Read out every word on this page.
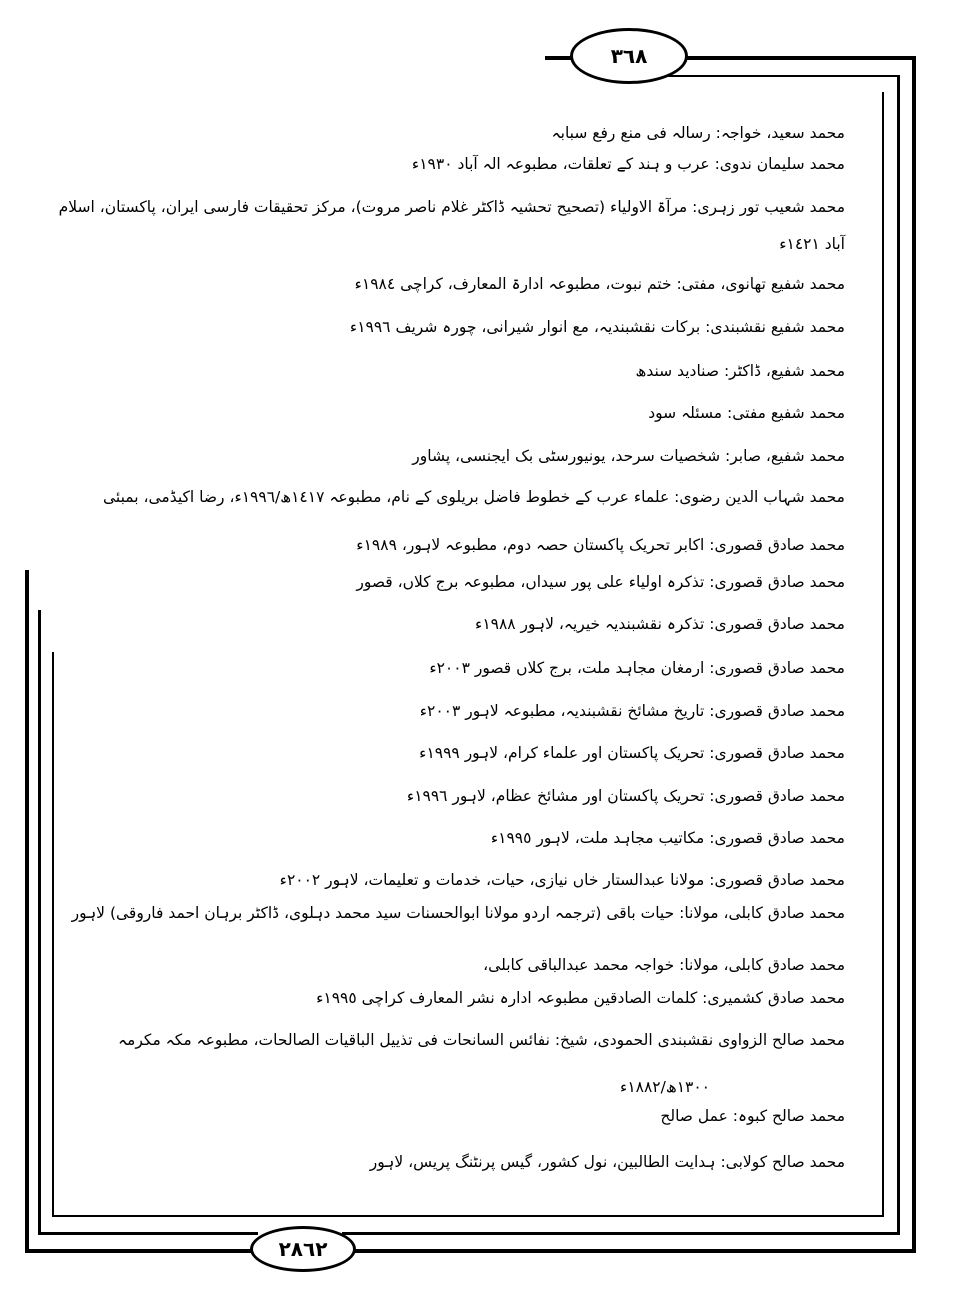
٣٦٨
٢٨٦٢
محمد سعید، خواجہ: رسالہ فی منع رفع سبابہ
محمد سلیمان ندوی: عرب و ہند کے تعلقات، مطبوعہ الہ آباد ١٩٣٠ء
محمد شعیب تور زہری: مرآۃ الاولیاء (تصحیح تحشیہ ڈاکٹر غلام ناصر مروت)، مرکز تحقیقات فارسی ایران، پاکستان، اسلام
آباد ١٤٢١ء
محمد شفیع تھانوی، مفتی: ختم نبوت، مطبوعہ ادارۃ المعارف، کراچی ١٩٨٤ء
محمد شفیع نقشبندی: برکات نقشبندیہ، مع انوار شیرانی، چورہ شریف ١٩٩٦ء
محمد شفیع، ڈاکٹر: صنادید سندھ
محمد شفیع مفتی: مسئلہ سود
محمد شفیع، صابر: شخصیات سرحد، یونیورسٹی بک ایجنسی، پشاور
محمد شہاب الدین رضوی: علماء عرب کے خطوط فاضل بریلوی کے نام، مطبوعہ ١٤١٧ھ/١٩٩٦ء، رضا اکیڈمی، بمبئی
محمد صادق قصوری: اکابر تحریک پاکستان حصہ دوم، مطبوعہ لاہور، ١٩٨٩ء
محمد صادق قصوری: تذکرہ اولیاء علی پور سیداں، مطبوعہ برج کلاں، قصور
محمد صادق قصوری: تذکرہ نقشبندیہ خیریہ، لاہور ١٩٨٨ء
محمد صادق قصوری: ارمغان مجاہد ملت، برج کلاں قصور ٢٠٠٣ء
محمد صادق قصوری: تاریخ مشائخ نقشبندیہ، مطبوعہ لاہور ٢٠٠٣ء
محمد صادق قصوری: تحریک پاکستان اور علماء کرام، لاہور ١٩٩٩ء
محمد صادق قصوری: تحریک پاکستان اور مشائخ عظام، لاہور ١٩٩٦ء
محمد صادق قصوری: مکاتیب مجاہد ملت، لاہور ١٩٩٥ء
محمد صادق قصوری: مولانا عبدالستار خاں نیازی، حیات، خدمات و تعلیمات، لاہور ٢٠٠٢ء
محمد صادق کابلی، مولانا: حیات باقی (ترجمہ اردو مولانا ابوالحسنات سید محمد دہلوی، ڈاکٹر برہان احمد فاروقی) لاہور
محمد صادق کابلی، مولانا: خواجہ محمد عبدالباقی کابلی،
محمد صادق کشمیری: کلمات الصادقین مطبوعہ ادارہ نشر المعارف کراچی ١٩٩٥ء
محمد صالح الزواوی نقشبندی الحمودی، شیخ: نفائس السانحات فی تذییل الباقیات الصالحات، مطبوعہ مکہ مکرمہ
١٣٠٠ھ/١٨٨٢ء
محمد صالح کبوہ: عمل صالح
محمد صالح کولابی: ہدایت الطالبین، نول کشور، گیس پرنٹنگ پریس، لاہور
